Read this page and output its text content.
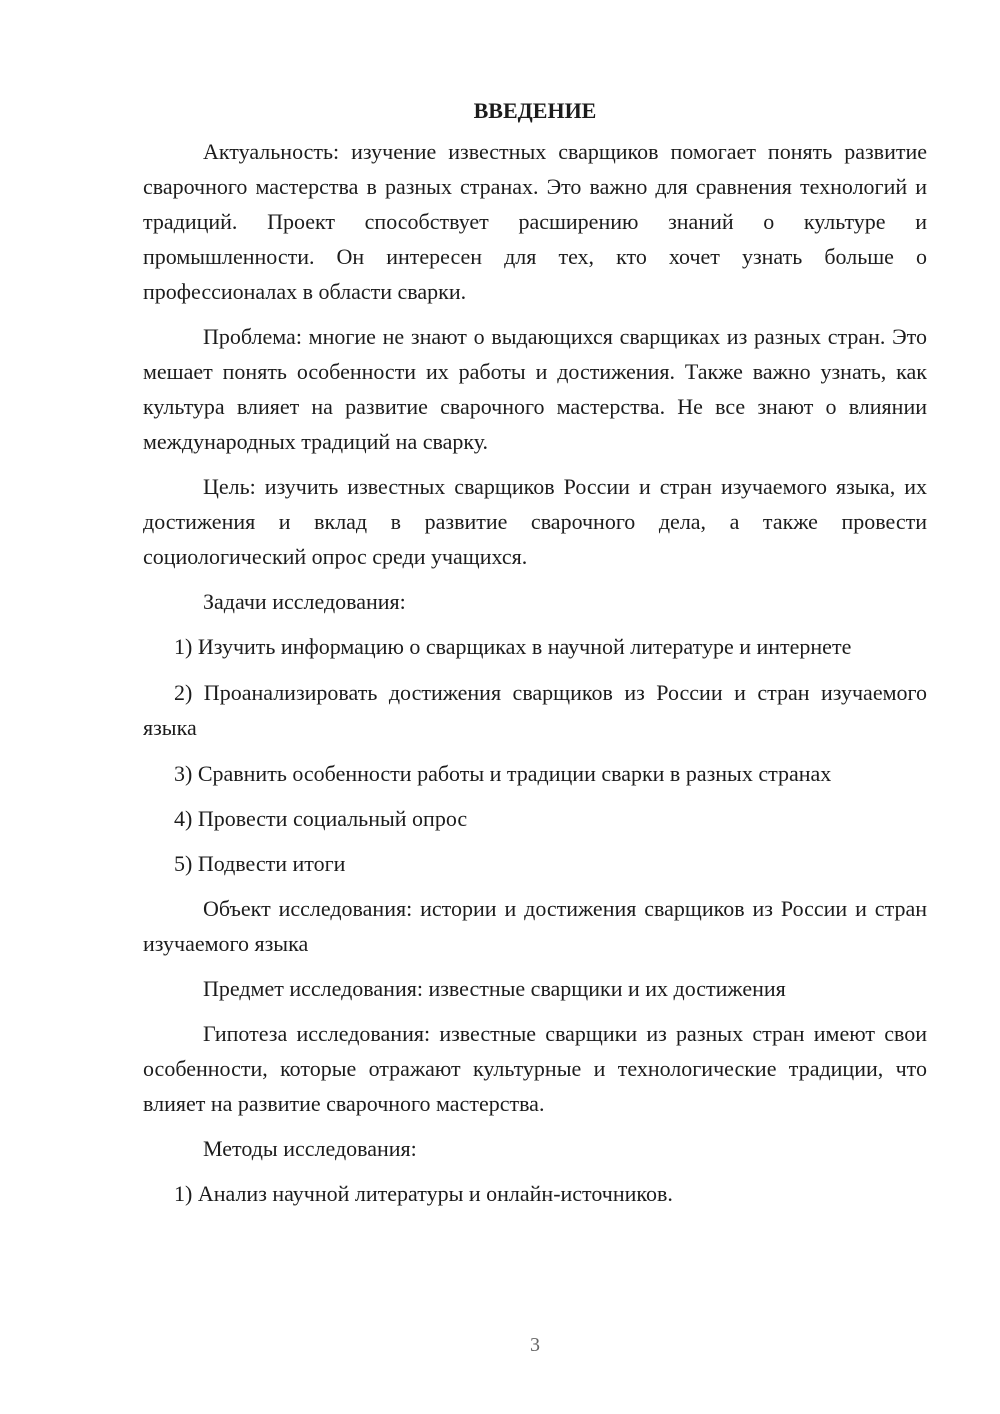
ВВЕДЕНИЕ

Актуальность: изучение известных сварщиков помогает понять развитие сварочного мастерства в разных странах. Это важно для сравнения технологий и традиций. Проект способствует расширению знаний о культуре и промышленности. Он интересен для тех, кто хочет узнать больше о профессионалах в области сварки.

Проблема: многие не знают о выдающихся сварщиках из разных стран. Это мешает понять особенности их работы и достижения. Также важно узнать, как культура влияет на развитие сварочного мастерства. Не все знают о влиянии международных традиций на сварку.

Цель: изучить известных сварщиков России и стран изучаемого языка, их достижения и вклад в развитие сварочного дела, а также провести социологический опрос среди учащихся.

Задачи исследования:

1) Изучить информацию о сварщиках в научной литературе и интернете

2) Проанализировать достижения сварщиков из России и стран изучаемого языка

3) Сравнить особенности работы и традиции сварки в разных странах

4) Провести социальный опрос

5) Подвести итоги

Объект исследования: истории и достижения сварщиков из России и стран изучаемого языка

Предмет исследования: известные сварщики и их достижения

Гипотеза исследования: известные сварщики из разных стран имеют свои особенности, которые отражают культурные и технологические традиции, что влияет на развитие сварочного мастерства.

Методы исследования:

1) Анализ научной литературы и онлайн-источников.

3
